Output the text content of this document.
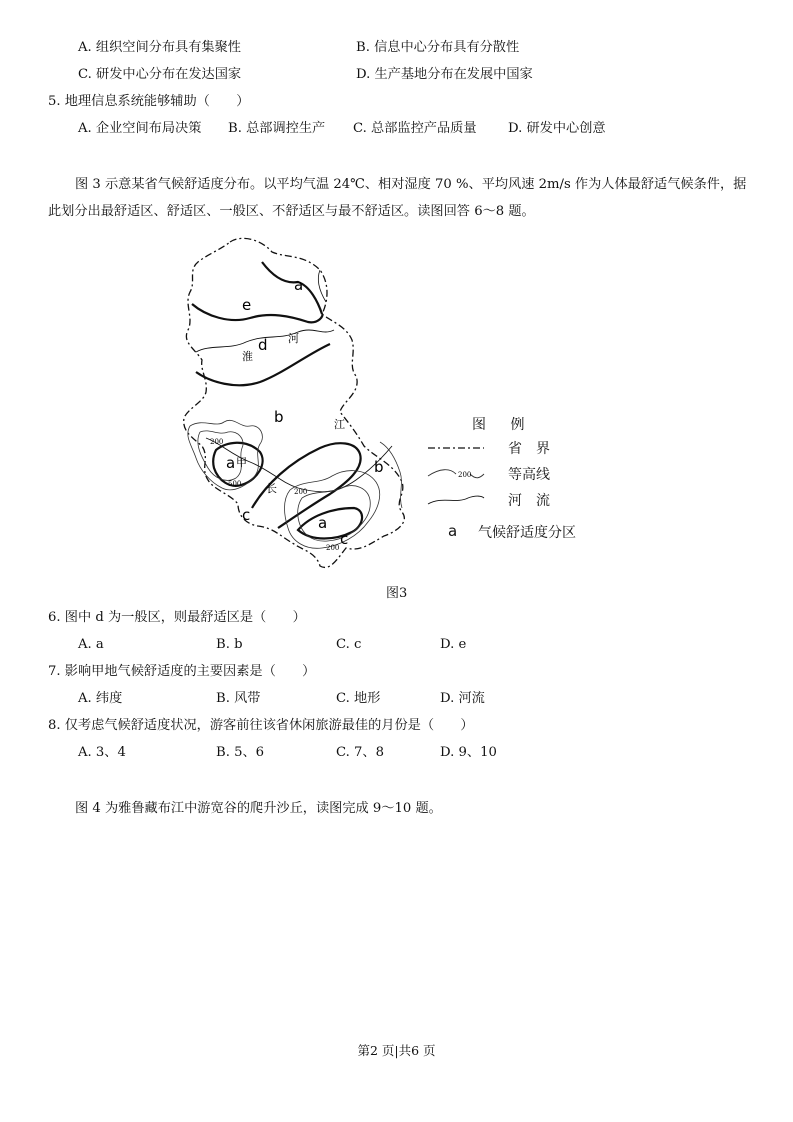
A. 组织空间分布具有集聚性	B. 信息中心分布具有分散性
C. 研发中心分布在发达国家	D. 生产基地分布在发展中国家
5. 地理信息系统能够辅助（　　）
A. 企业空间布局决策 B. 总部调控生产 C. 总部监控产品质量 D. 研发中心创意
图 3 示意某省气候舒适度分布。以平均气温 24℃、相对湿度 70 %、平均风速 2m/s 作为人体最舒适气候条件，据此划分出最舒适区、舒适区、一般区、不舒适区与最不舒适区。读图回答 6～8 题。
a
e
d
b
b
a 甲
c	a
c
河
淮
江
长
200
200
500
200
图 例
省　界
200	等高线
河　流
a 气候舒适度分区
图3
6. 图中 d 为一般区，则最舒适区是（　　）
A. a	B. b	C. c	D. e
7. 影响甲地气候舒适度的主要因素是（　　）
A. 纬度	B. 风带	C. 地形	D. 河流
8. 仅考虑气候舒适度状况，游客前往该省休闲旅游最佳的月份是（　　）
A. 3、4	B. 5、6	C. 7、8	D. 9、10
图 4 为雅鲁藏布江中游宽谷的爬升沙丘，读图完成 9～10 题。
第2 页|共6 页
